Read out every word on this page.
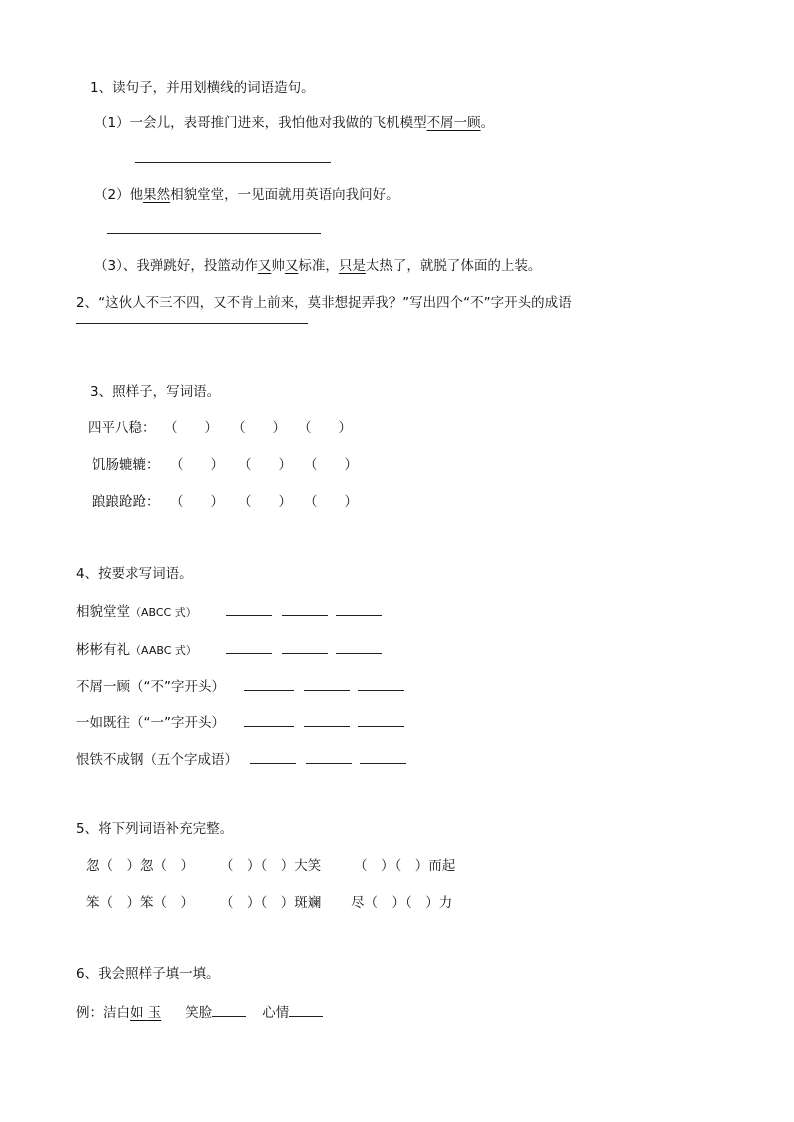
1、读句子，并用划横线的词语造句。
（1）一会儿，表哥推门进来，我怕他对我做的飞机模型不屑一顾。
（2）他果然相貌堂堂，一见面就用英语向我问好。
（3）、我弹跳好，投篮动作又帅又标准，只是太热了，就脱了体面的上装。
2、“这伙人不三不四，又不肯上前来，莫非想捉弄我？”写出四个“不”字开头的成语
3、照样子，写词语。
四平八稳： （　　） （　　） （　　）
饥肠辘辘： （　　） （　　） （　　）
踉踉跄跄： （　　） （　　） （　　）
4、按要求写词语。
相貌堂堂（ABCC 式）
彬彬有礼（AABC 式）
不屑一顾（“不”字开头）
一如既往（“一”字开头）
恨铁不成钢（五个字成语）
5、将下列词语补充完整。
忽（　）忽（　） （　）（　）大笑 （　）（　）而起
笨（　）笨（　） （　）（　）斑斓 尽（　）（　）力
6、我会照样子填一填。
例：洁白如 玉 笑脸	心情
